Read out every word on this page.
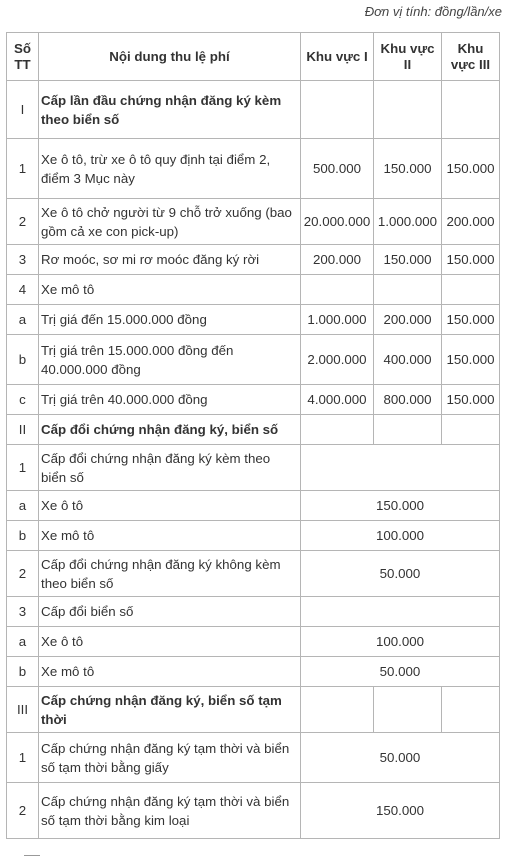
Đơn vị tính: đồng/lần/xe
Số TT	Nội dung thu lệ phí	Khu vực I	Khu vực II	Khu vực III
I	Cấp lần đầu chứng nhận đăng ký kèm theo biển số			
1	Xe ô tô, trừ xe ô tô quy định tại điểm 2, điểm 3 Mục này	500.000	150.000	150.000
2	Xe ô tô chở người từ 9 chỗ trở xuống (bao gồm cả xe con pick-up)	20.000.000	1.000.000	200.000
3	Rơ moóc, sơ mi rơ moóc đăng ký rời	200.000	150.000	150.000
4	Xe mô tô			
a	Trị giá đến 15.000.000 đồng	1.000.000	200.000	150.000
b	Trị giá trên 15.000.000 đồng đến 40.000.000 đồng	2.000.000	400.000	150.000
c	Trị giá trên 40.000.000 đồng	4.000.000	800.000	150.000
II	Cấp đổi chứng nhận đăng ký, biển số			
1	Cấp đổi chứng nhận đăng ký kèm theo biển số			
a	Xe ô tô	150.000		
b	Xe mô tô	100.000		
2	Cấp đổi chứng nhận đăng ký không kèm theo biển số	50.000		
3	Cấp đổi biển số			
a	Xe ô tô	100.000		
b	Xe mô tô	50.000		
III	Cấp chứng nhận đăng ký, biển số tạm thời			
1	Cấp chứng nhận đăng ký tạm thời và biển số tạm thời bằng giấy	50.000		
2	Cấp chứng nhận đăng ký tạm thời và biển số tạm thời bằng kim loại	150.000		
